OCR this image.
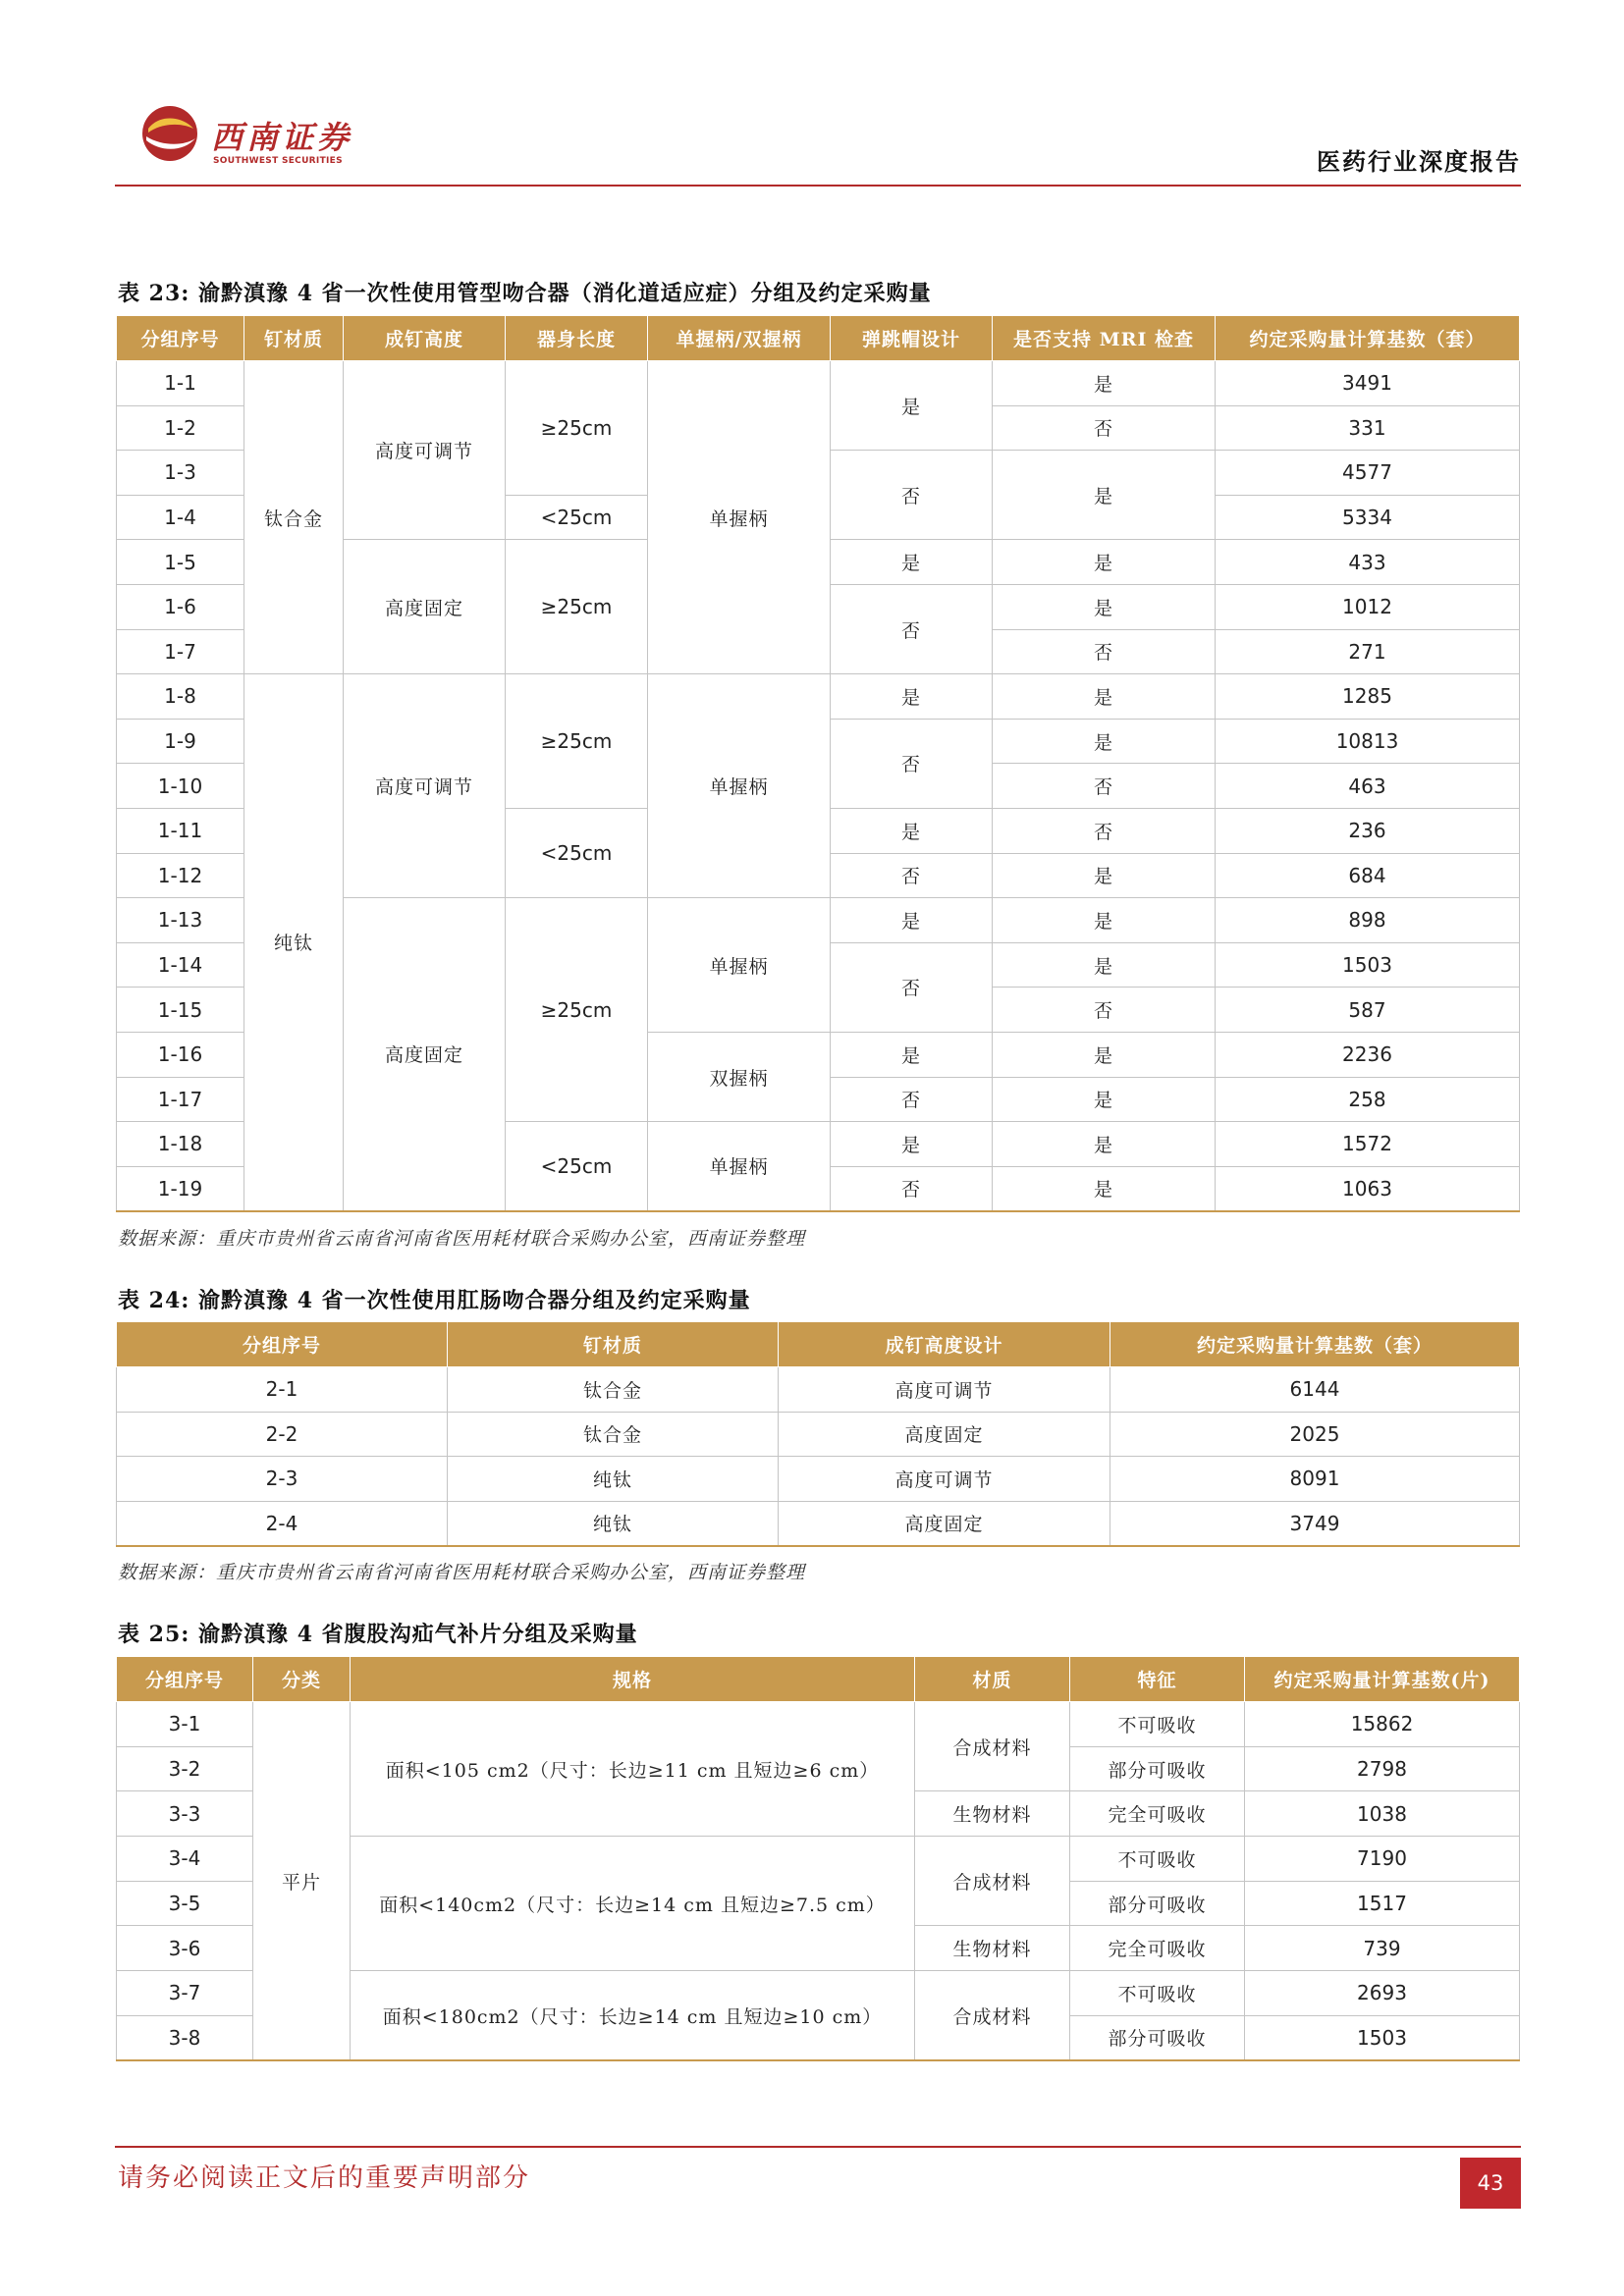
西南证券
SOUTHWEST SECURITIES	医药行业深度报告
表 23: 渝黔滇豫 4 省一次性使用管型吻合器（消化道适应症）分组及约定采购量
分组序号	钉材质	成钉高度	器身长度	单握柄/双握柄	弹跳帽设计	是否支持 MRI 检查	约定采购量计算基数（套）
1-1	钛合金	高度可调节	≥25cm	单握柄	是	是	3491
1-2						否	331
1-3					否	是	4577
1-4			<25cm				5334
1-5		高度固定	≥25cm		是	是	433
1-6					否	是	1012
1-7						否	271
1-8	纯钛	高度可调节	≥25cm	单握柄	是	是	1285
1-9					否	是	10813
1-10						否	463
1-11			<25cm		是	否	236
1-12					否	是	684
1-13		高度固定	≥25cm	单握柄	是	是	898
1-14					否	是	1503
1-15						否	587
1-16				双握柄	是	是	2236
1-17					否	是	258
1-18			<25cm	单握柄	是	是	1572
1-19					否	是	1063
数据来源：重庆市贵州省云南省河南省医用耗材联合采购办公室，西南证券整理
表 24: 渝黔滇豫 4 省一次性使用肛肠吻合器分组及约定采购量
分组序号	钉材质	成钉高度设计	约定采购量计算基数（套）
2-1	钛合金	高度可调节	6144
2-2	钛合金	高度固定	2025
2-3	纯钛	高度可调节	8091
2-4	纯钛	高度固定	3749
数据来源：重庆市贵州省云南省河南省医用耗材联合采购办公室，西南证券整理
表 25: 渝黔滇豫 4 省腹股沟疝气补片分组及采购量
分组序号	分类	规格	材质	特征	约定采购量计算基数(片)
3-1	平片	面积<105 cm2（尺寸：长边≥11 cm 且短边≥6 cm）	合成材料	不可吸收	15862
3-2				部分可吸收	2798
3-3			生物材料	完全可吸收	1038
3-4		面积<140cm2（尺寸：长边≥14 cm 且短边≥7.5 cm）	合成材料	不可吸收	7190
3-5				部分可吸收	1517
3-6			生物材料	完全可吸收	739
3-7		面积<180cm2（尺寸：长边≥14 cm 且短边≥10 cm）	合成材料	不可吸收	2693
3-8				部分可吸收	1503
请务必阅读正文后的重要声明部分	43
